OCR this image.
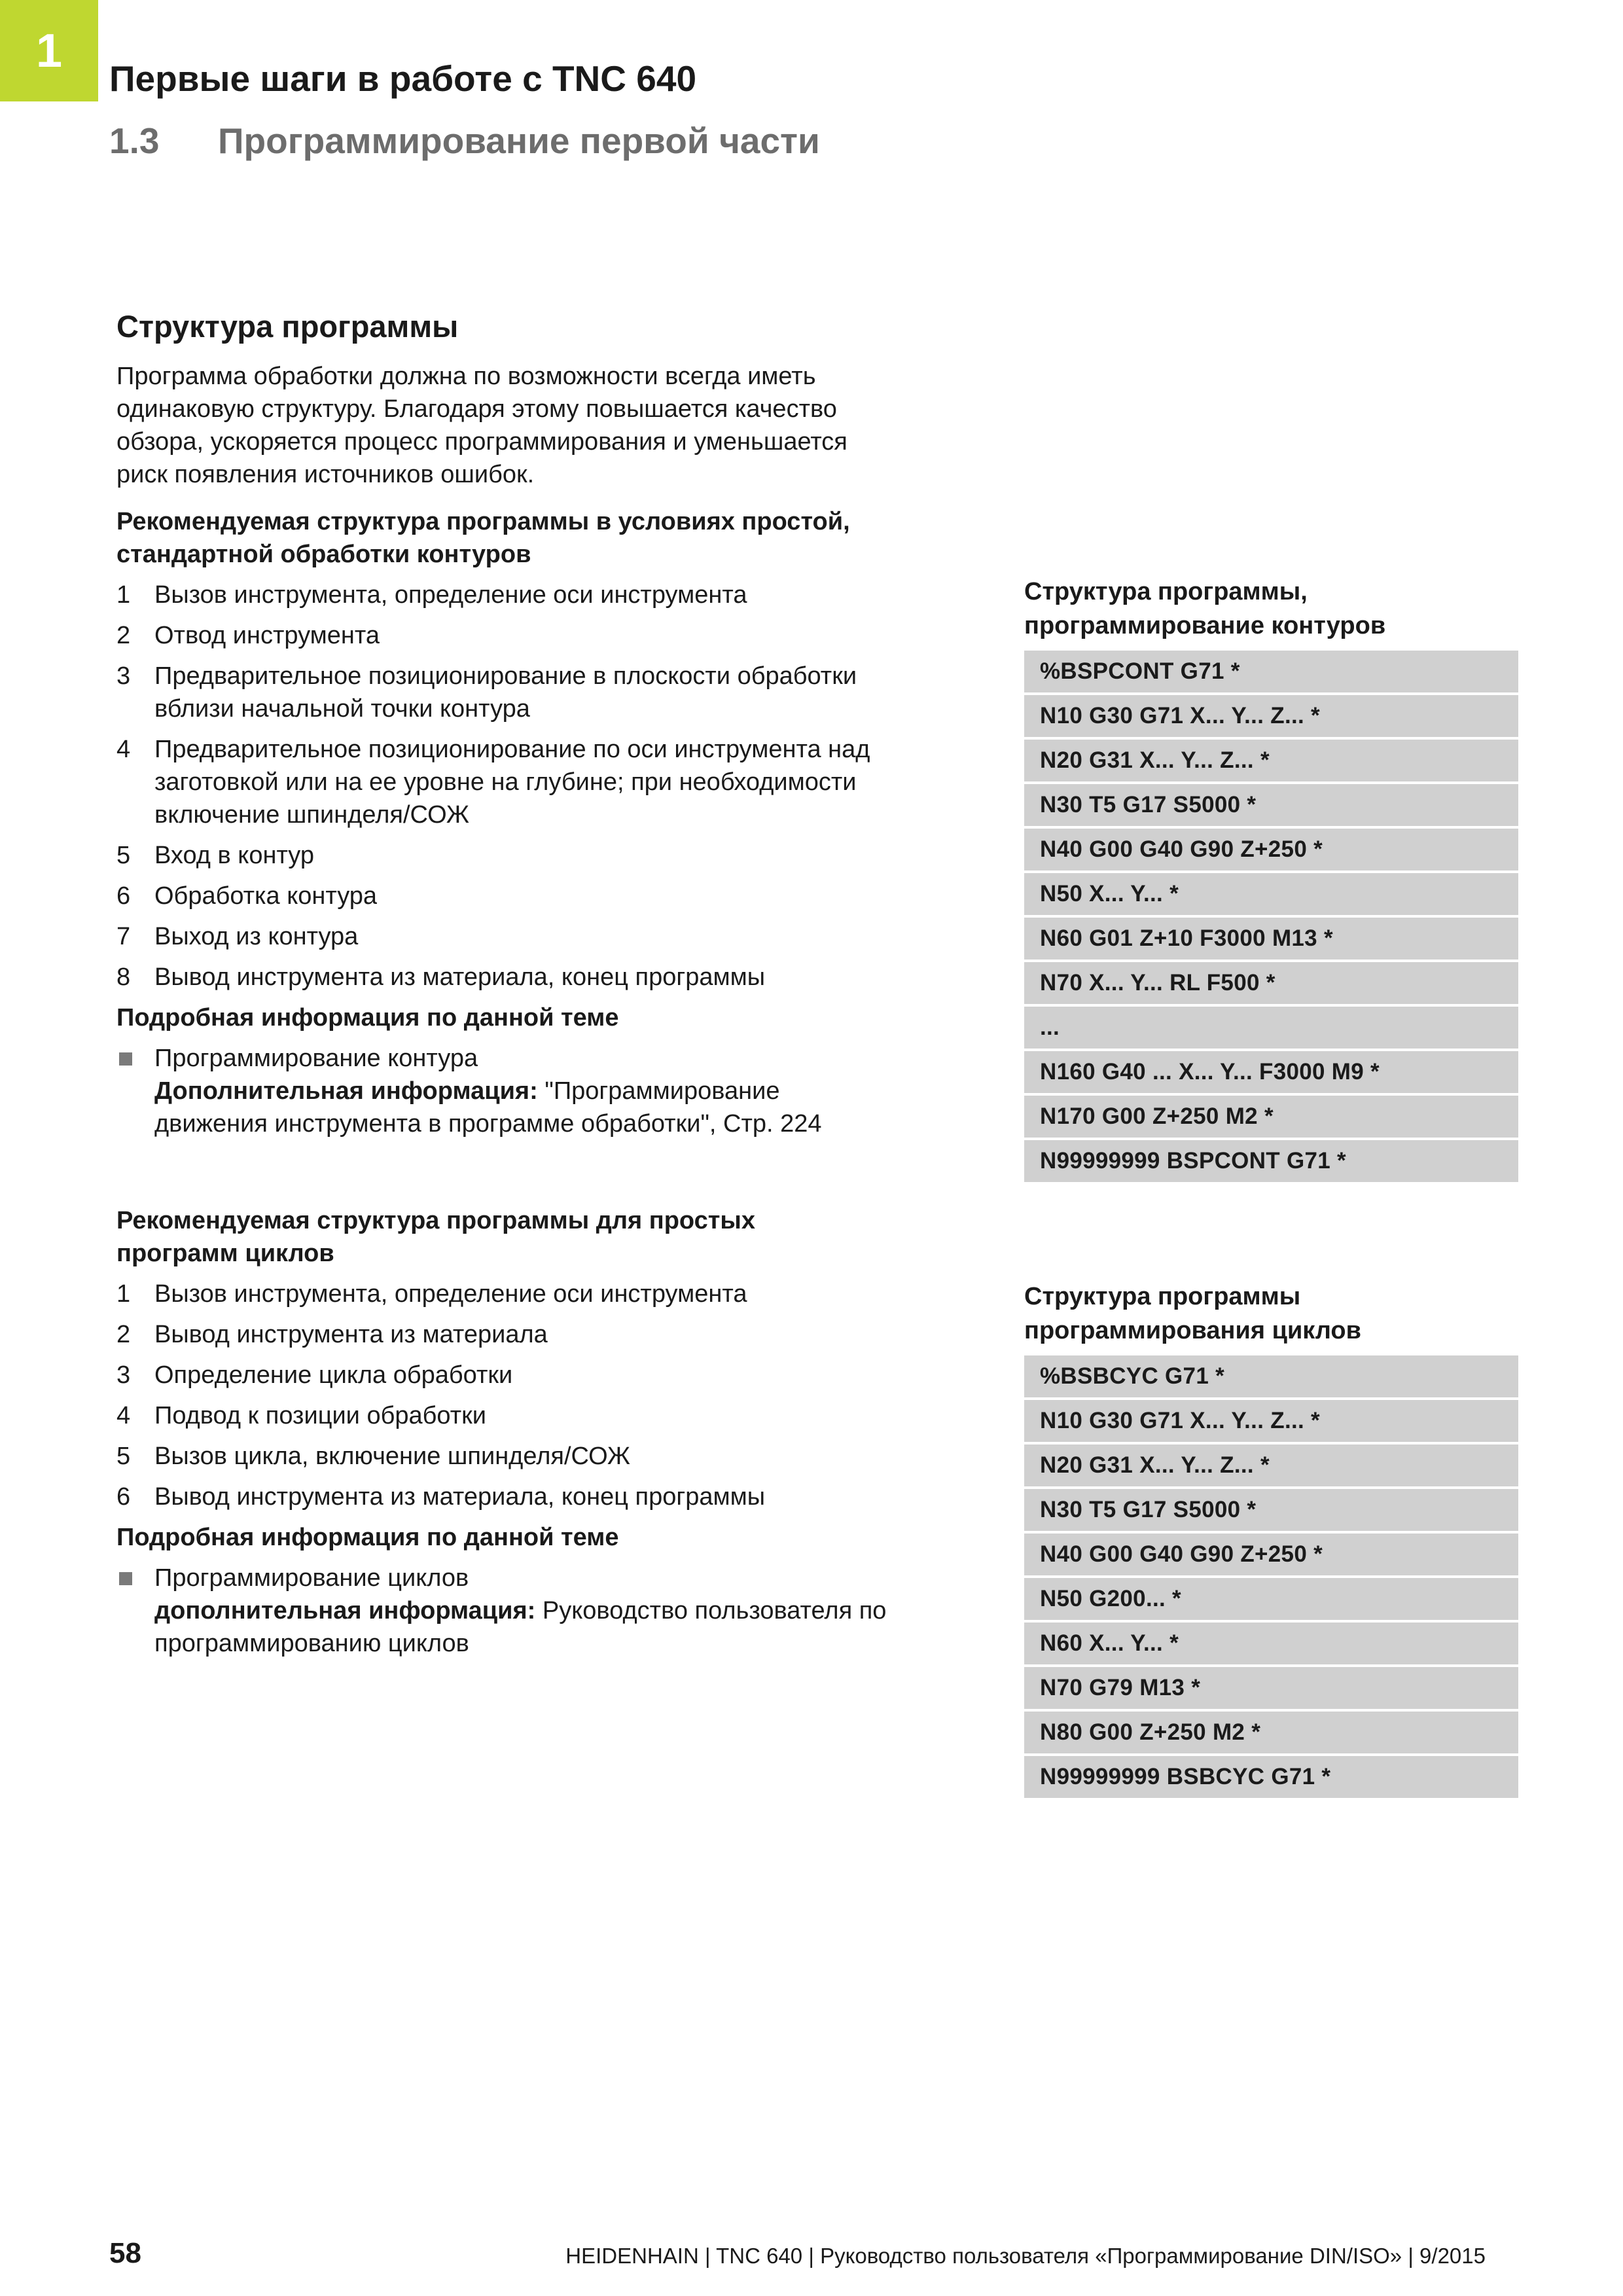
1
Первые шаги в работе с TNC 640
1.3 Программирование первой части
Структура программы

Программа обработки должна по возможности всегда иметь

одинаковую структуру. Благодаря этому повышается качество

обзора, ускоряется процесс программирования и уменьшается

риск появления источников ошибок.

Рекомендуемая структура программы в условиях простой,

стандартной обработки контуров

1 Вызов инструмента, определение оси инструмента
2 Отвод инструмента
3 Предварительное позиционирование в плоскости обработки
вблизи начальной точки контура
4 Предварительное позиционирование по оси инструмента над
заготовкой или на ее уровне на глубине; при необходимости
включение шпинделя/СОЖ
5 Вход в контур
6 Обработка контура
7 Выход из контура
8 Вывод инструмента из материала, конец программы

Подробная информация по данной теме

Программирование контура
Дополнительная информация: "Программирование
движения инструмента в программе обработки", Стр. 224

Рекомендуемая структура программы для простых

программ циклов

1 Вызов инструмента, определение оси инструмента
2 Вывод инструмента из материала
3 Определение цикла обработки
4 Подвод к позиции обработки
5 Вызов цикла, включение шпинделя/СОЖ
6 Вывод инструмента из материала, конец программы

Подробная информация по данной теме

Программирование циклов
дополнительная информация: Руководство пользователя по
программированию циклов
Структура программы,
программирование контуров
%BSPCONT G71 *
N10 G30 G71 X... Y... Z... *
N20 G31 X... Y... Z... *
N30 T5 G17 S5000 *
N40 G00 G40 G90 Z+250 *
N50 X... Y... *
N60 G01 Z+10 F3000 M13 *
N70 X... Y... RL F500 *
...
N160 G40 ... X... Y... F3000 M9 *
N170 G00 Z+250 M2 *
N99999999 BSPCONT G71 *
Структура программы
программирования циклов
%BSBCYC G71 *
N10 G30 G71 X... Y... Z... *
N20 G31 X... Y... Z... *
N30 T5 G17 S5000 *
N40 G00 G40 G90 Z+250 *
N50 G200... *
N60 X... Y... *
N70 G79 M13 *
N80 G00 Z+250 M2 *
N99999999 BSBCYC G71 *
58	HEIDENHAIN | TNC 640 | Руководство пользователя «Программирование DIN/ISO» | 9/2015
